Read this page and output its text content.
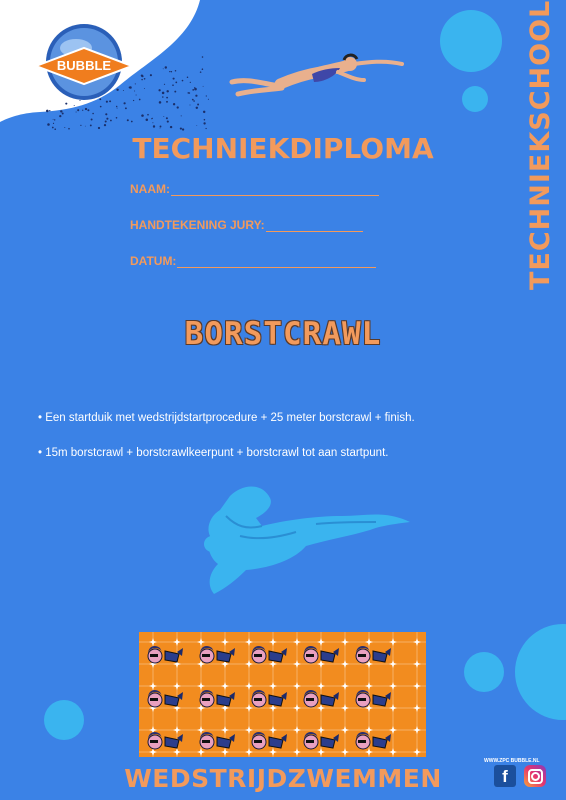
BUBBLE	TECHNIEKSCHOOL
TECHNIEKDIPLOMA
NAAM:
HANDTEKENING JURY:
DATUM:
BORSTCRAWL
• Een startduik met wedstrijdstartprocedure + 25 meter borstcrawl + finish.
• 15m borstcrawl + borstcrawlkeerpunt + borstcrawl tot aan startpunt.
WWW.ZPC BUBBLE.NL
f
WEDSTRIJDZWEMMEN
